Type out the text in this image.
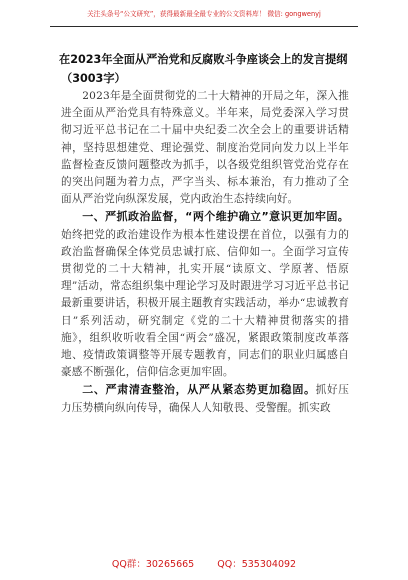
关注头条号“公文研究”，获得最新最全最专业的公文资料库！ 微信: gongwenyj

在2023年全面从严治党和反腐败斗争座谈会上的发言提纲
（3003字）

2023年是全面贯彻党的二十大精神的开局之年，深入推进全面从严治党具有特殊意义。半年来，局党委深入学习贯彻习近平总书记在二十届中央纪委二次全会上的重要讲话精神，坚持思想建党、理论强党、制度治党同向发力以上半年监督检查反馈问题整改为抓手，以各级党组织管党治党存在的突出问题为着力点，严字当头、标本兼治，有力推动了全面从严治党向纵深发展，党内政治生态持续向好。

一、严抓政治监督，“两个维护确立”意识更加牢固。始终把党的政治建设作为根本性建设摆在首位，以强有力的政治监督确保全体党员忠诚打底、信仰如一。全面学习宣传贯彻党的二十大精神，扎实开展“读原文、学原著、悟原理”活动，常态组织集中理论学习及时跟进学习习近平总书记最新重要讲话，积极开展主题教育实践活动，举办“忠诚教育日”系列活动，研究制定《党的二十大精神贯彻落实的措施》，组织收听收看全国“两会”盛况，紧跟政策制度改革落地、疫情政策调整等开展专题教育，同志们的职业归属感自豪感不断强化，信仰信念更加牢固。

二、严肃清查整治，从严从紧态势更加稳固。抓好压力压势横向纵向传导，确保人人知敬畏、受警醒。抓实政

QQ群：30265665 QQ：535304092
